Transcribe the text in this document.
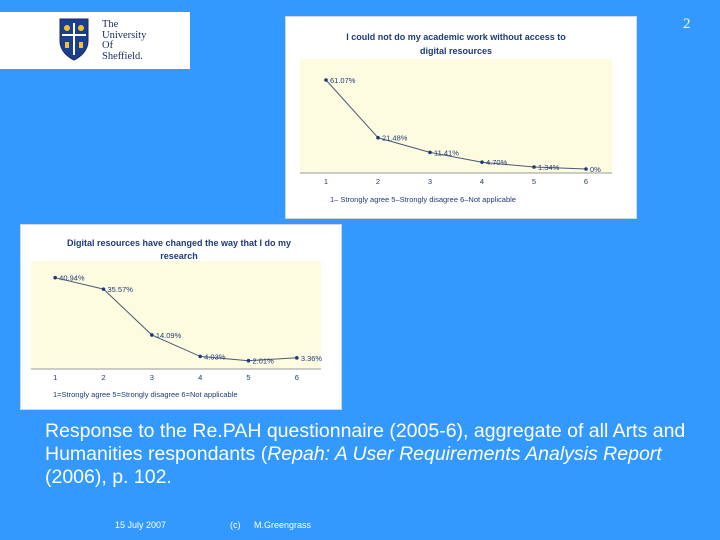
The
University
Of
Sheffield.
2
I could not do my academic work without access to
digital resources
61.07%
1
21.48%
2
11.41%
3
4.70%
4
1.34%
5
0%
6
1– Strongly agree 5–Strongly disagree 6–Not applicable
Digital resources have changed the way that I do my
research
40.94%
1
35.57%
2
14.09%
3
4.03%
4
2.01%
5
3.36%
6
1=Strongly agree 5=Strongly disagree 6=Not applicable
Response to the Re.PAH questionnaire (2005-6), aggregate of all Arts and Humanities respondants (Repah: A User Requirements Analysis Report (2006), p. 102.
15 July 2007	(c) M.Greengrass
